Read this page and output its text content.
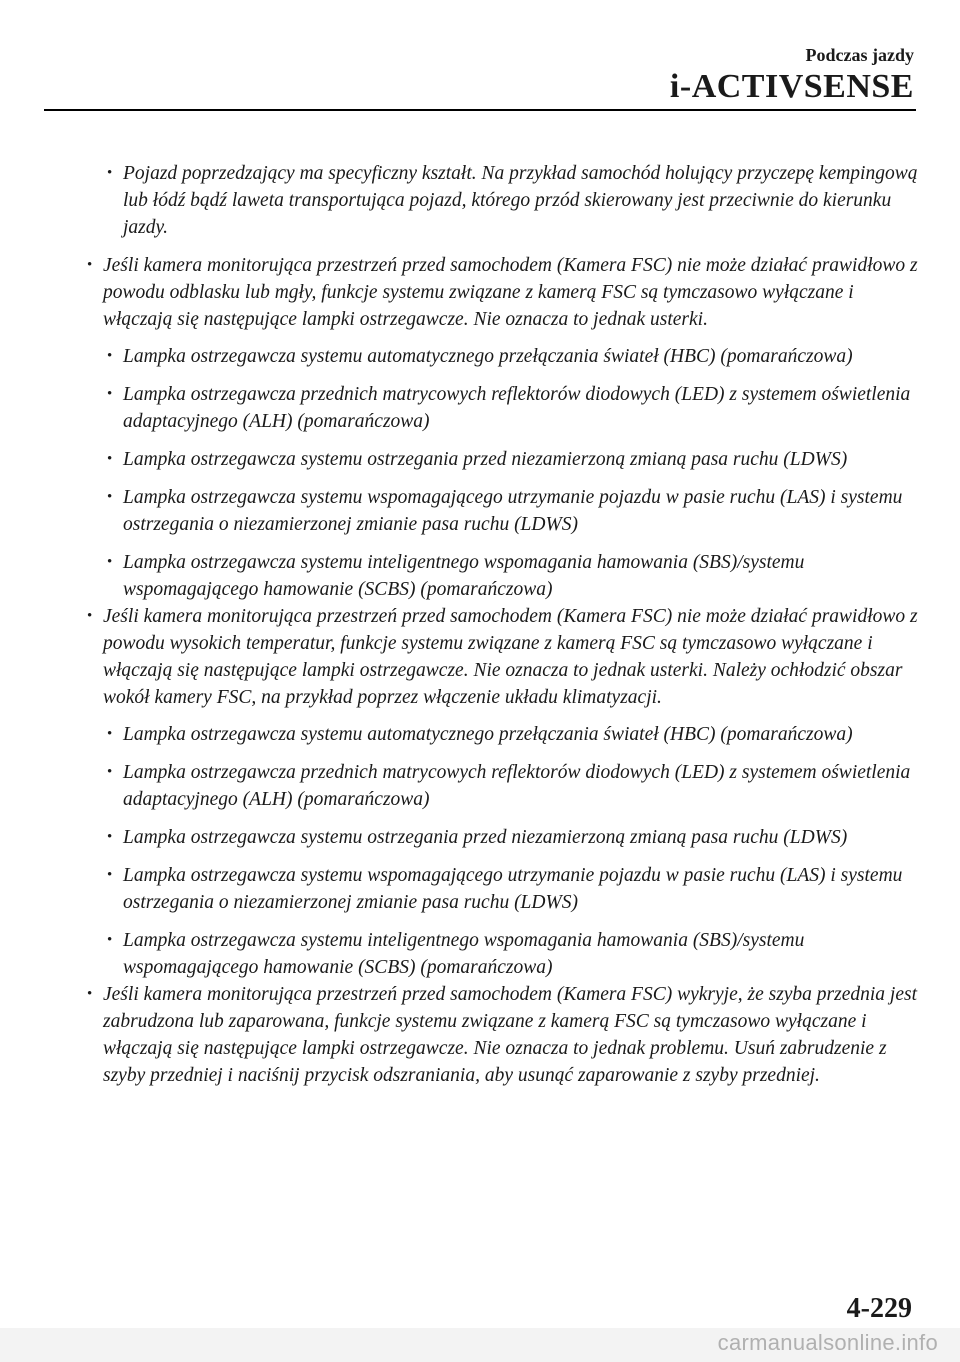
Podczas jazdy
i-ACTIVSENSE

• Pojazd poprzedzający ma specyficzny kształt. Na przykład samochód holujący przyczepę kempingową lub łódź bądź laweta transportująca pojazd, którego przód skierowany jest przeciwnie do kierunku jazdy.

• Jeśli kamera monitorująca przestrzeń przed samochodem (Kamera FSC) nie może działać prawidłowo z powodu odblasku lub mgły, funkcje systemu związane z kamerą FSC są tymczasowo wyłączane i włączają się następujące lampki ostrzegawcze. Nie oznacza to jednak usterki.

• Lampka ostrzegawcza systemu automatycznego przełączania świateł (HBC) (pomarańczowa)

• Lampka ostrzegawcza przednich matrycowych reflektorów diodowych (LED) z systemem oświetlenia adaptacyjnego (ALH) (pomarańczowa)

• Lampka ostrzegawcza systemu ostrzegania przed niezamierzoną zmianą pasa ruchu (LDWS)

• Lampka ostrzegawcza systemu wspomagającego utrzymanie pojazdu w pasie ruchu (LAS) i systemu ostrzegania o niezamierzonej zmianie pasa ruchu (LDWS)

• Lampka ostrzegawcza systemu inteligentnego wspomagania hamowania (SBS)/systemu wspomagającego hamowanie (SCBS) (pomarańczowa)

• Jeśli kamera monitorująca przestrzeń przed samochodem (Kamera FSC) nie może działać prawidłowo z powodu wysokich temperatur, funkcje systemu związane z kamerą FSC są tymczasowo wyłączane i włączają się następujące lampki ostrzegawcze. Nie oznacza to jednak usterki. Należy ochłodzić obszar wokół kamery FSC, na przykład poprzez włączenie układu klimatyzacji.

• Lampka ostrzegawcza systemu automatycznego przełączania świateł (HBC) (pomarańczowa)

• Lampka ostrzegawcza przednich matrycowych reflektorów diodowych (LED) z systemem oświetlenia adaptacyjnego (ALH) (pomarańczowa)

• Lampka ostrzegawcza systemu ostrzegania przed niezamierzoną zmianą pasa ruchu (LDWS)

• Lampka ostrzegawcza systemu wspomagającego utrzymanie pojazdu w pasie ruchu (LAS) i systemu ostrzegania o niezamierzonej zmianie pasa ruchu (LDWS)

• Lampka ostrzegawcza systemu inteligentnego wspomagania hamowania (SBS)/systemu wspomagającego hamowanie (SCBS) (pomarańczowa)

• Jeśli kamera monitorująca przestrzeń przed samochodem (Kamera FSC) wykryje, że szyba przednia jest zabrudzona lub zaparowana, funkcje systemu związane z kamerą FSC są tymczasowo wyłączane i włączają się następujące lampki ostrzegawcze. Nie oznacza to jednak problemu. Usuń zabrudzenie z szyby przedniej i naciśnij przycisk odszraniania, aby usunąć zaparowanie z szyby przedniej.

4-229
carmanualsonline.info
